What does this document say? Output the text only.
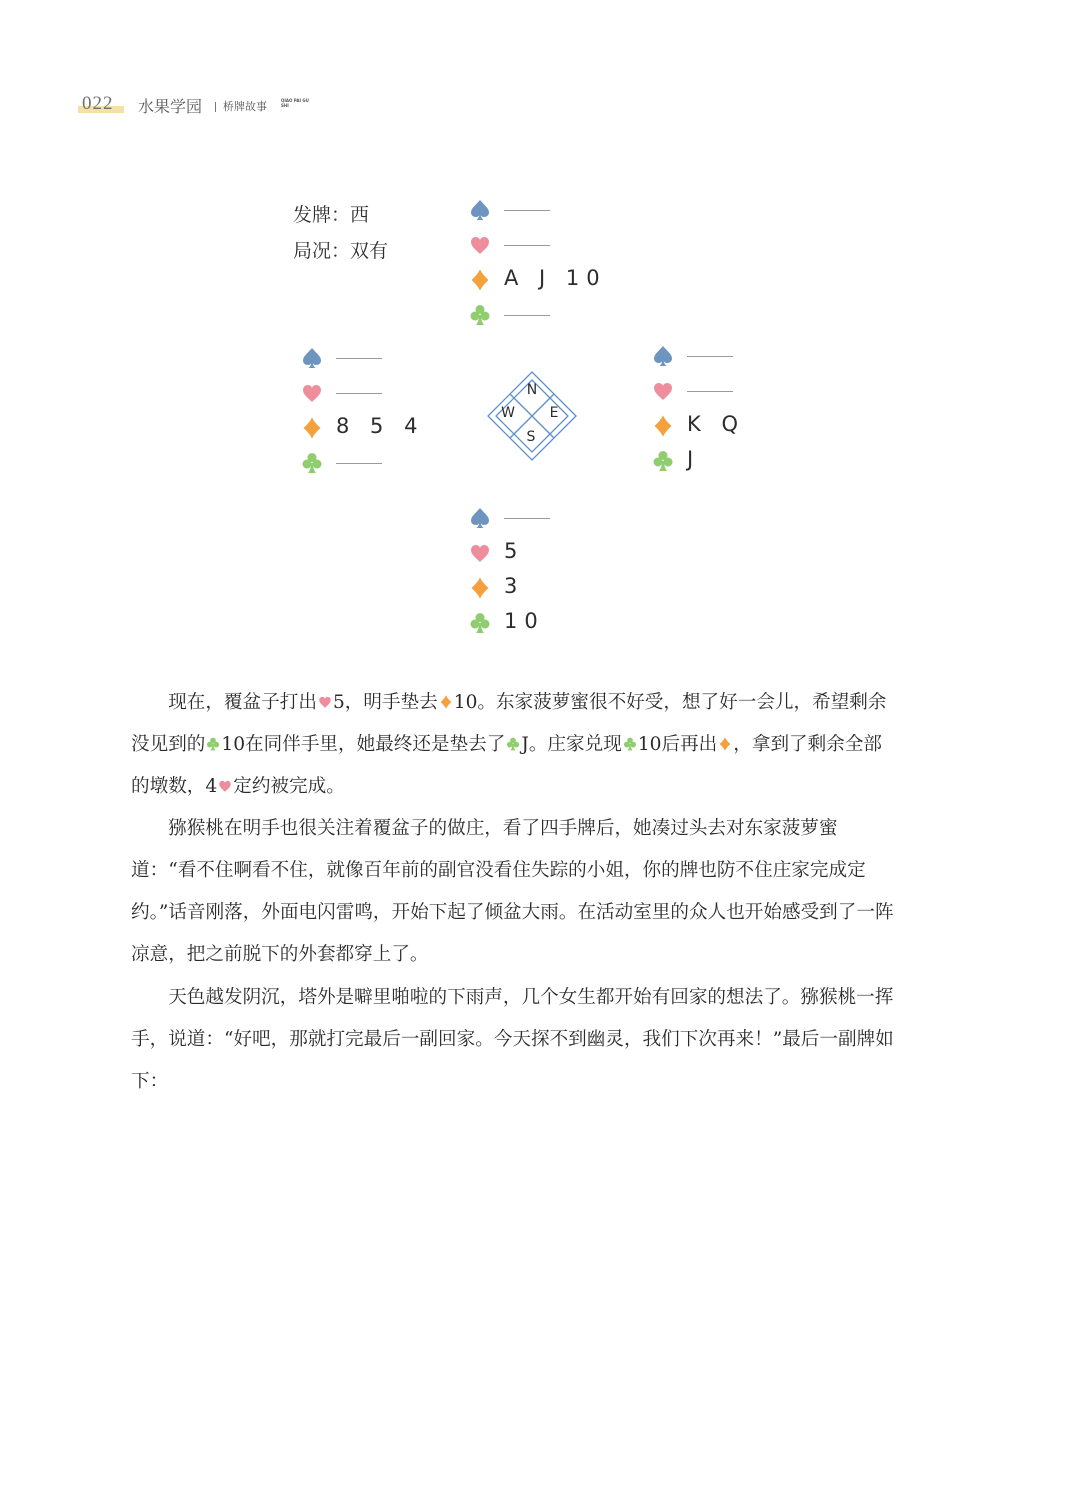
022 水果学园 桥牌故事	QIAO PAI GU SHI
发牌：西
局况：双有
A J 10
8 5 4
N
W E
S
K Q
J
5
3
10

现在，覆盆子打出 5，明手垫去 10。东家菠萝蜜很不好受，想了好一会儿，希望剩余没见到的 10在同伴手里，她最终还是垫去了 J。庄家兑现 10后再出 ，拿到了剩余全部的墩数，4 定约被完成。

猕猴桃在明手也很关注着覆盆子的做庄，看了四手牌后，她凑过头去对东家菠萝蜜道：“看不住啊看不住，就像百年前的副官没看住失踪的小姐，你的牌也防不住庄家完成定约。”话音刚落，外面电闪雷鸣，开始下起了倾盆大雨。在活动室里的众人也开始感受到了一阵凉意，把之前脱下的外套都穿上了。

天色越发阴沉，塔外是噼里啪啦的下雨声，几个女生都开始有回家的想法了。猕猴桃一挥手，说道：“好吧，那就打完最后一副回家。今天探不到幽灵，我们下次再来！”最后一副牌如下：
